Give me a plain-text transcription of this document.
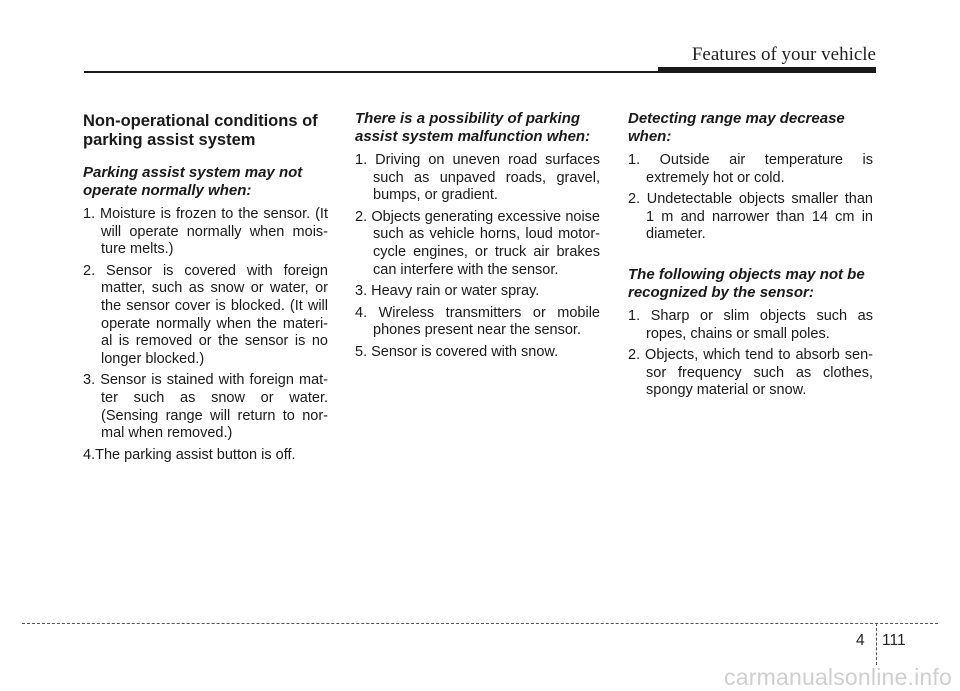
Features of your vehicle
Non-operational conditions of
parking assist system
Parking assist system may not
operate normally when:
1. Moisture is frozen to the sensor. (It will operate normally when mois-ture melts.)
2. Sensor is covered with foreign matter, such as snow or water, or the sensor cover is blocked. (It will operate normally when the materi-al is removed or the sensor is no longer blocked.)
3. Sensor is stained with foreign mat-ter such as snow or water. (Sensing range will return to nor-mal when removed.)
4.The parking assist button is off.
There is a possibility of parking
assist system malfunction when:
1. Driving on uneven road surfaces such as unpaved roads, gravel, bumps, or gradient.
2. Objects generating excessive noise such as vehicle horns, loud motor-cycle engines, or truck air brakes can interfere with the sensor.
3. Heavy rain or water spray.
4. Wireless transmitters or mobile phones present near the sensor.
5. Sensor is covered with snow.
Detecting range may decrease
when:
1. Outside air temperature is extremely hot or cold.
2. Undetectable objects smaller than 1 m and narrower than 14 cm in diameter.
The following objects may not be
recognized by the sensor:
1. Sharp or slim objects such as ropes, chains or small poles.
2. Objects, which tend to absorb sen-sor frequency such as clothes, spongy material or snow.
4 111
carmanualsonline.info
